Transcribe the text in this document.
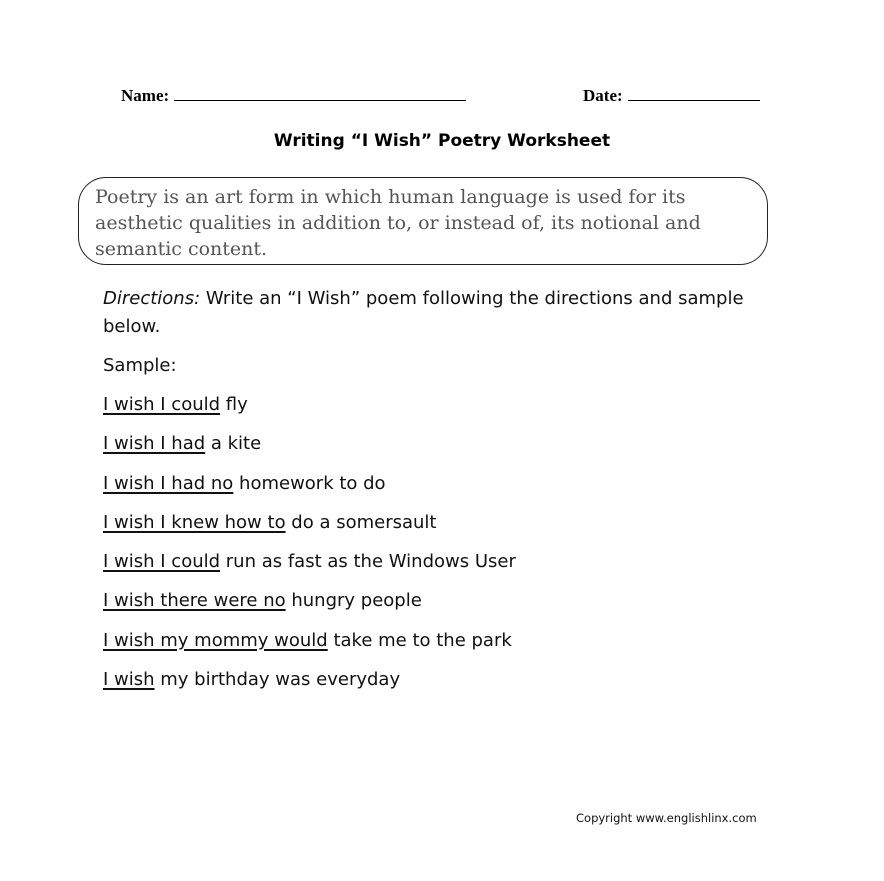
Name:	Date:
Writing “I Wish” Poetry Worksheet
Poetry is an art form in which human language is used for its aesthetic qualities in addition to, or instead of, its notional and semantic content.

Directions: Write an “I Wish” poem following the directions and sample below.

Sample:
I wish I could fly
I wish I had a kite
I wish I had no homework to do
I wish I knew how to do a somersault
I wish I could run as fast as the Windows User
I wish there were no hungry people
I wish my mommy would take me to the park
I wish my birthday was everyday
Copyright www.englishlinx.com
